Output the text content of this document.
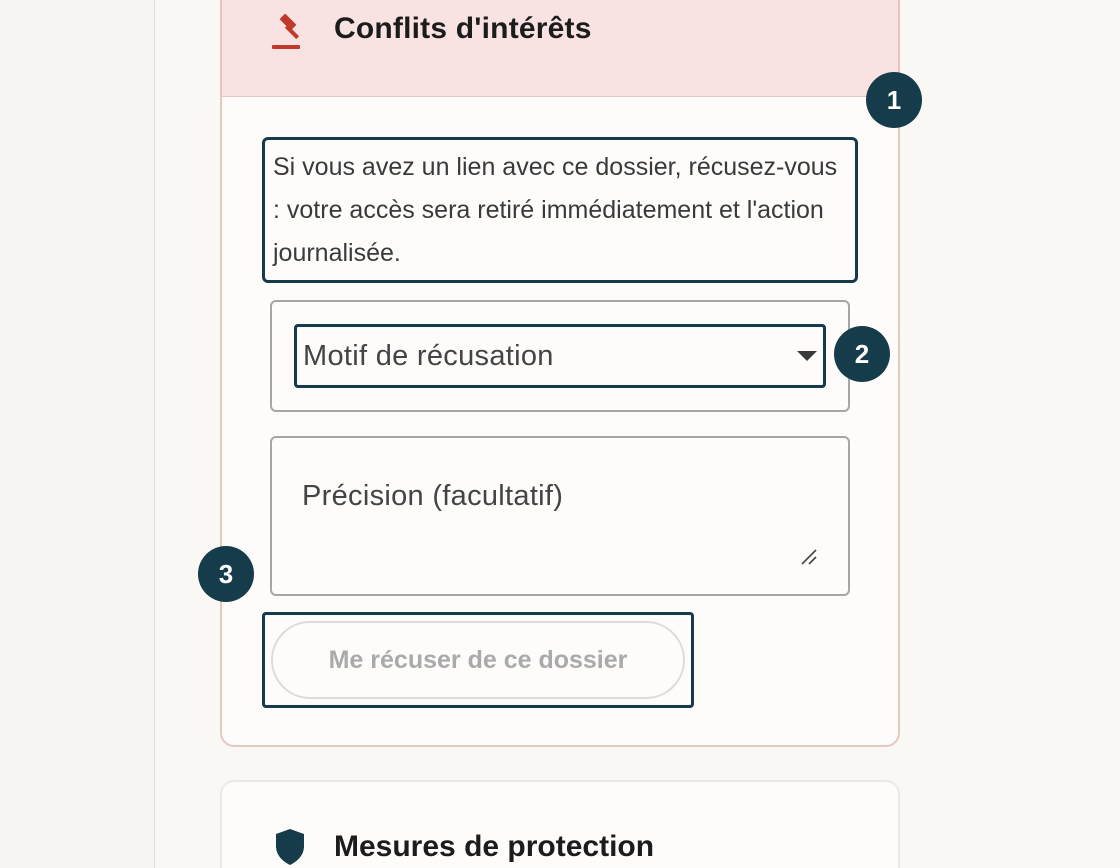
Conflits d'intérêts

Si vous avez un lien avec ce dossier, récusez-vous : votre accès sera retiré immédiatement et l'action journalisée.

Motif de récusation
Précision (facultatif)
Me récuser de ce dossier
Mesures de protection
1
2
3
